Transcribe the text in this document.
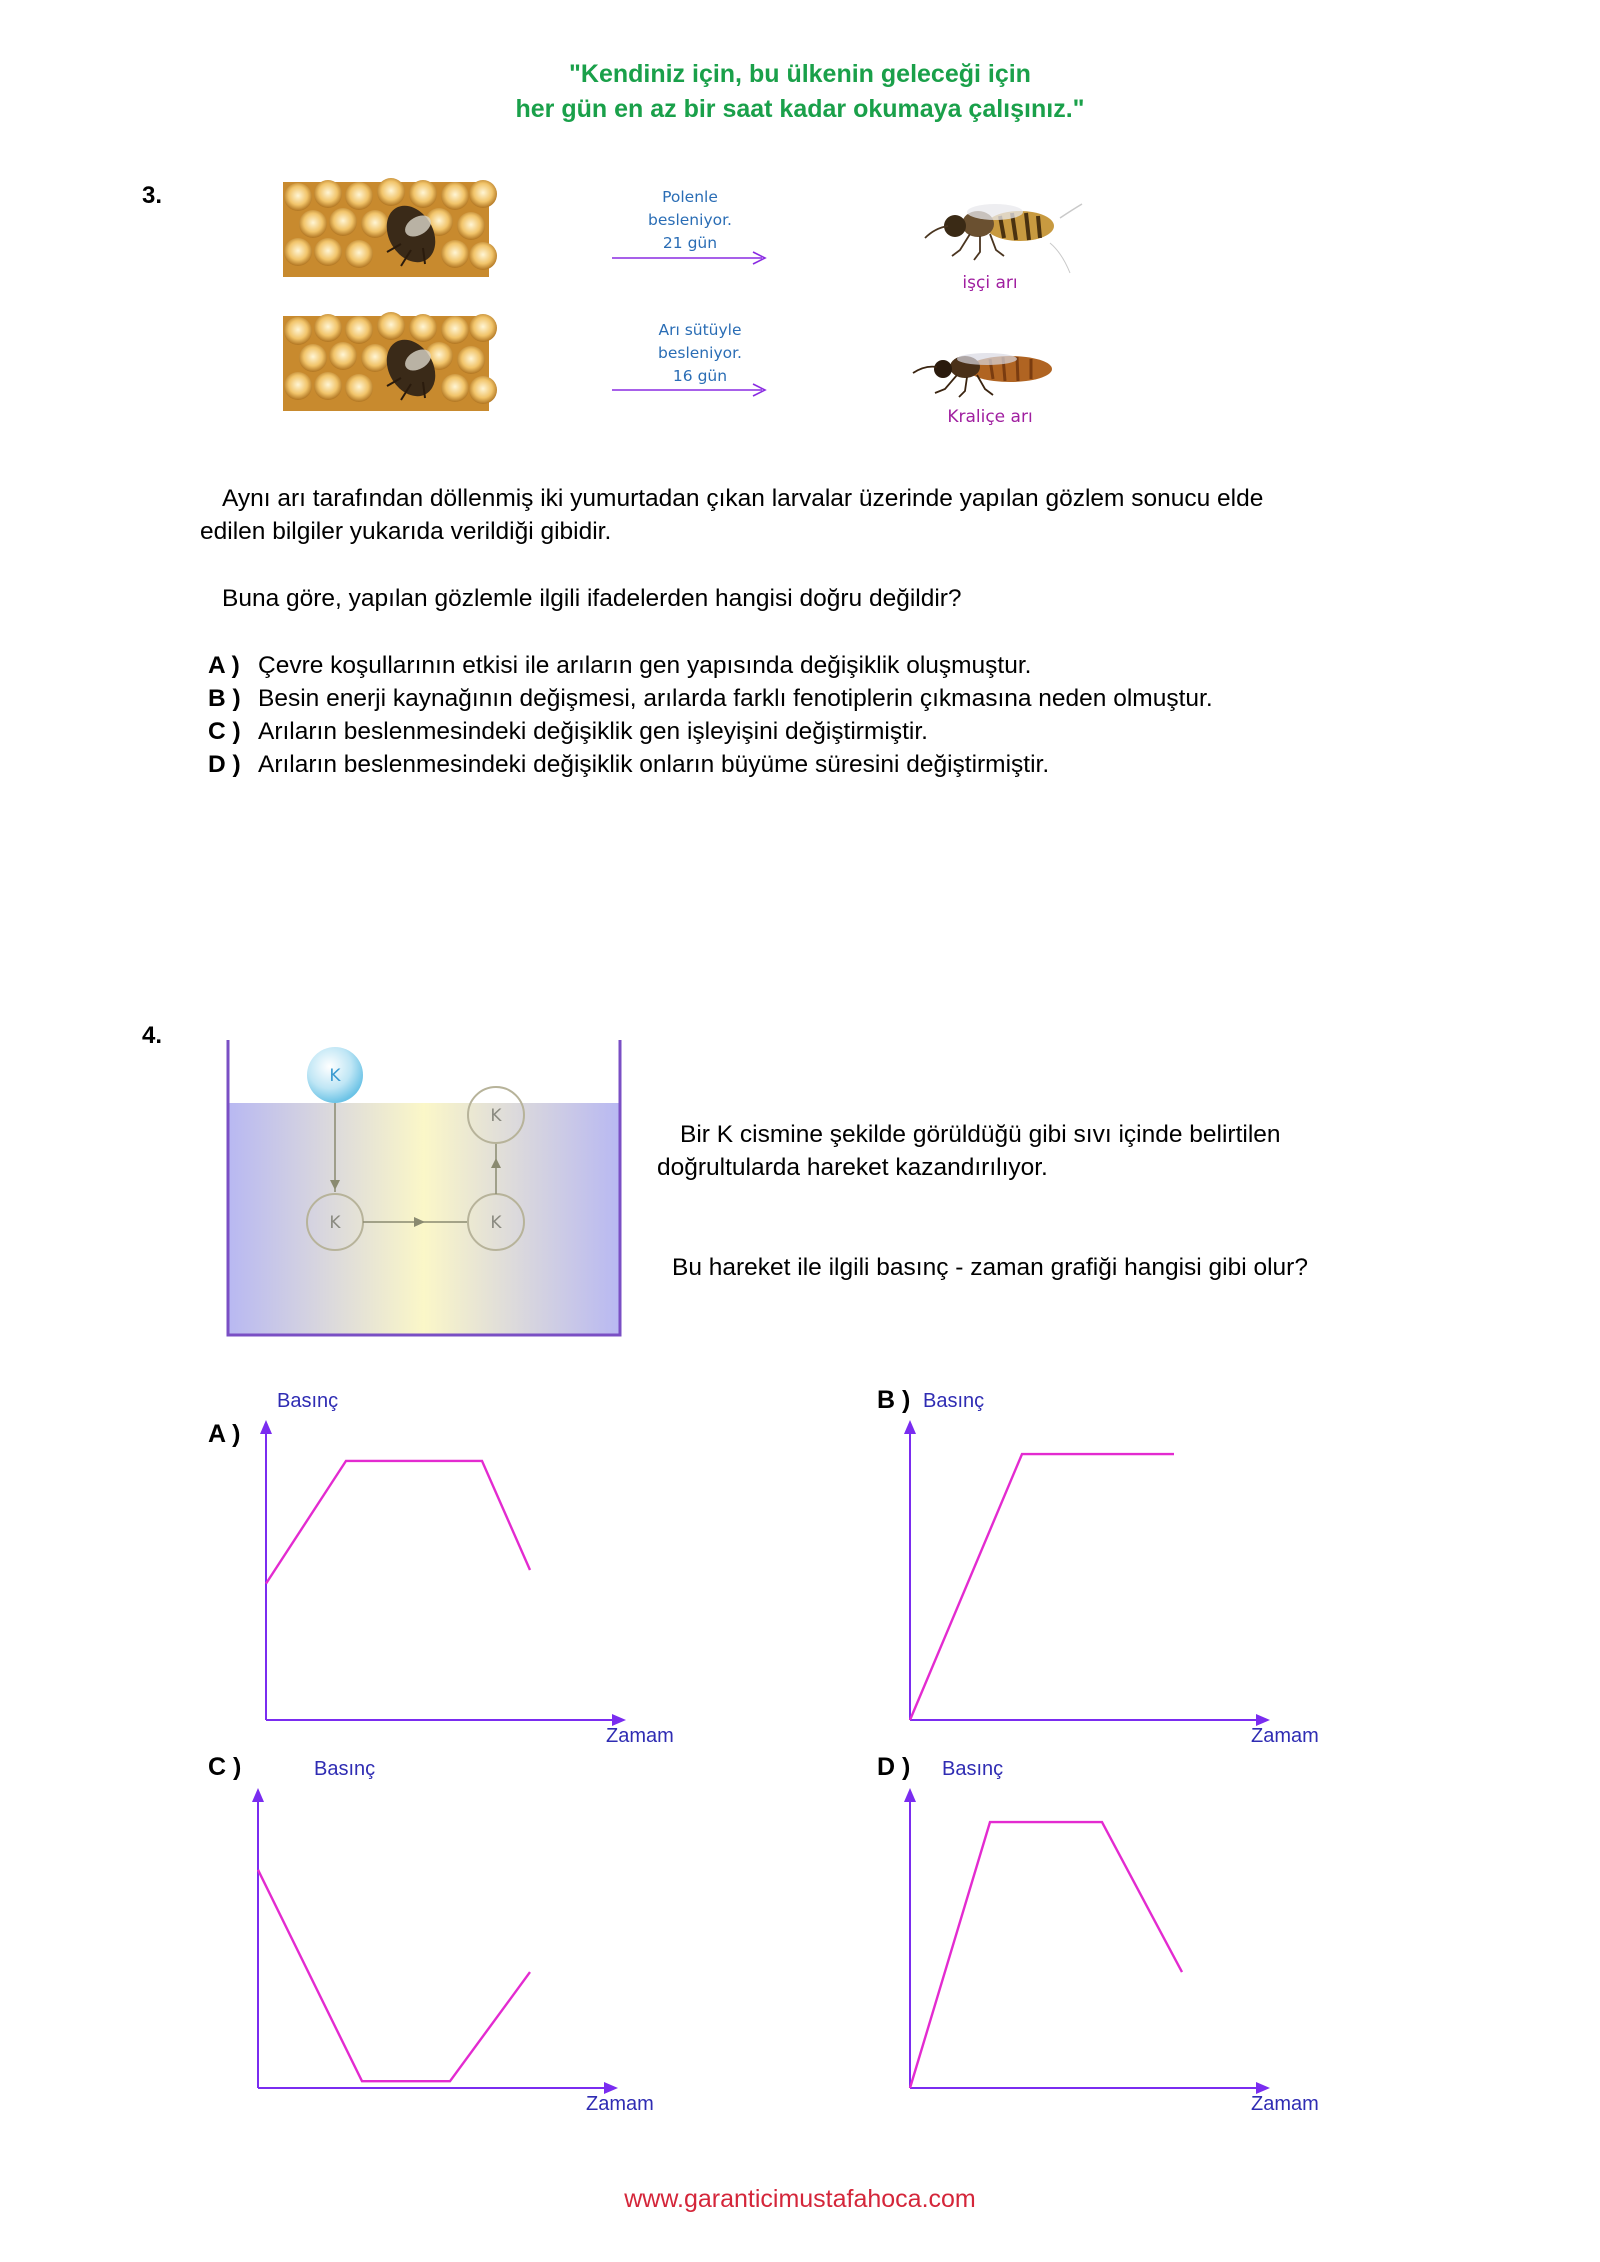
"Kendiniz için, bu ülkenin geleceği için
her gün en az bir saat kadar okumaya çalışınız."
3.	Polenle
besleniyor.
21 gün
Arı sütüyle
besleniyor.
16 gün
işçi arı
Kraliçe arı
Aynı arı tarafından döllenmiş iki yumurtadan çıkan larvalar üzerinde yapılan gözlem sonucu elde
edilen bilgiler yukarıda verildiği gibidir.
Buna göre, yapılan gözlemle ilgili ifadelerden hangisi doğru değildir?
A ) Çevre koşullarının etkisi ile arıların gen yapısında değişiklik oluşmuştur.
B ) Besin enerji kaynağının değişmesi, arılarda farklı fenotiplerin çıkmasına neden olmuştur.
C ) Arıların beslenmesindeki değişiklik gen işleyişini değiştirmiştir.
D ) Arıların beslenmesindeki değişiklik onların büyüme süresini değiştirmiştir.
4.
K
K	K
K
Bir K cismine şekilde görüldüğü gibi sıvı içinde belirtilen
doğrultularda hareket kazandırılıyor.
Bu hareket ile ilgili basınç - zaman grafiği hangisi gibi olur?
A )
B )
C )	D )
Basınç
Zamam
Basınç
Zamam
Basınç
Zamam
Basınç
Zamam
www.garanticimustafahoca.com
